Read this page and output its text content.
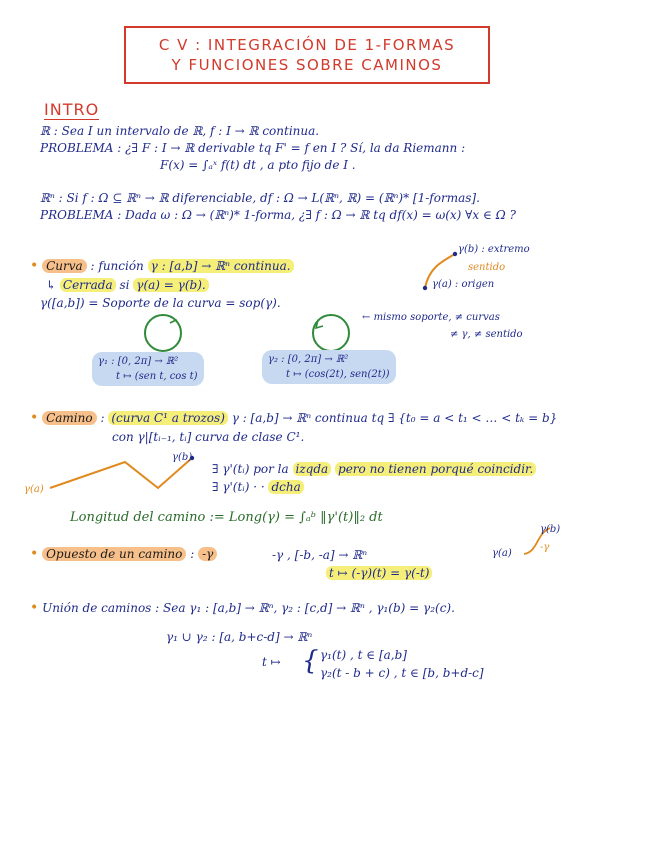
C V : INTEGRACIÓN DE 1-FORMAS
Y FUNCIONES SOBRE CAMINOS
INTRO
ℝ : Sea I un intervalo de ℝ, f : I → ℝ continua.
PROBLEMA : ¿∃ F : I → ℝ derivable tq F' = f en I ? Sí, la da Riemann :
F(x) = ∫ₐˣ f(t) dt , a pto fijo de I .
ℝⁿ : Si f : Ω ⊆ ℝⁿ → ℝ diferenciable, df : Ω → L(ℝⁿ, ℝ) = (ℝⁿ)* [1-formas].
PROBLEMA : Dada ω : Ω → (ℝⁿ)* 1-forma, ¿∃ f : Ω → ℝ tq df(x) = ω(x) ∀x ∈ Ω ?
• Curva : función γ : [a,b] → ℝⁿ continua.
↳ Cerrada si γ(a) = γ(b).
γ([a,b]) = Soporte de la curva = sop(γ).
γ(b) : extremo
sentido
γ(a) : origen
← mismo soporte, ≠ curvas
≠ γ, ≠ sentido
γ₁ : [0, 2π] → ℝ²
t ↦ (sen t, cos t)
γ₂ : [0, 2π] → ℝ²
t ↦ (cos(2t), sen(2t))
• Camino : (curva C¹ a trozos) γ : [a,b] → ℝⁿ continua tq ∃ {t₀ = a < t₁ < … < tₖ = b}
con γ|[tᵢ₋₁, tᵢ] curva de clase C¹.
γ(b)
γ(a)
∃ γ'(tᵢ) por la izqda pero no tienen porqué coincidir.
∃ γ'(tᵢ) · · dcha
Longitud del camino := Long(γ) = ∫ₐᵇ ‖γ'(t)‖₂ dt
• Opuesto de un camino : -γ	-γ , [-b, -a] → ℝⁿ
t ↦ (-γ)(t) = γ(-t)
γ(b)
γ(a)
-γ
• Unión de caminos : Sea γ₁ : [a,b] → ℝⁿ, γ₂ : [c,d] → ℝⁿ , γ₁(b) = γ₂(c).
γ₁ ∪ γ₂ : [a, b+c-d] → ℝⁿ
t ↦ { γ₁(t) , t ∈ [a,b]
γ₂(t - b + c) , t ∈ [b, b+d-c]
